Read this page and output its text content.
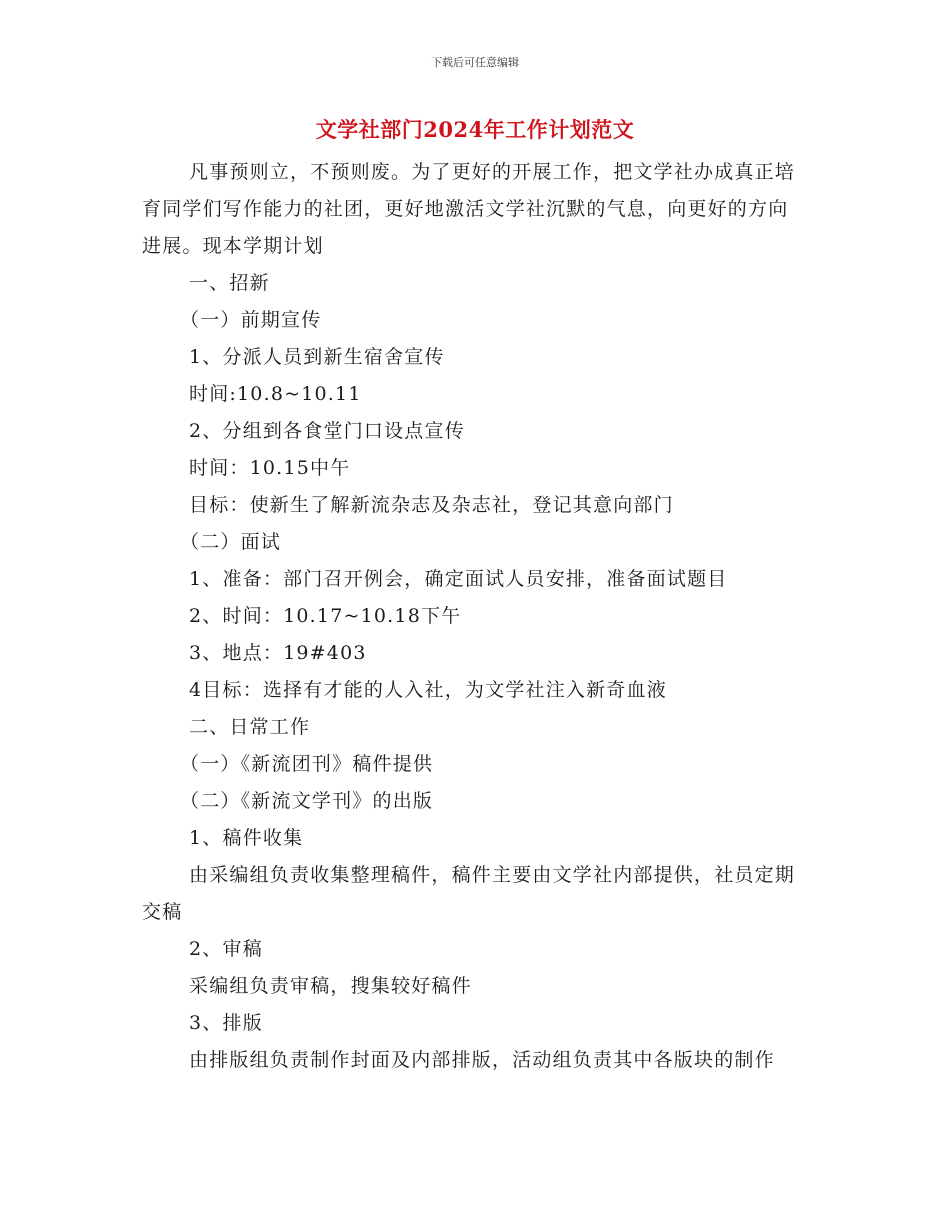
下载后可任意编辑
文学社部门2024年工作计划范文

凡事预则立，不预则废。为了更好的开展工作，把文学社办成真正培育同学们写作能力的社团，更好地激活文学社沉默的气息，向更好的方向进展。现本学期计划

一、招新

（一）前期宣传

1、分派人员到新生宿舍宣传

时间:10.8~10.11

2、分组到各食堂门口设点宣传

时间：10.15中午

目标：使新生了解新流杂志及杂志社，登记其意向部门

（二）面试

1、准备：部门召开例会，确定面试人员安排，准备面试题目

2、时间：10.17~10.18下午

3、地点：19#403

4目标：选择有才能的人入社，为文学社注入新奇血液

二、日常工作

（一）《新流团刊》稿件提供

（二）《新流文学刊》的出版

1、稿件收集

由采编组负责收集整理稿件，稿件主要由文学社内部提供，社员定期交稿

2、审稿

采编组负责审稿，搜集较好稿件

3、排版

由排版组负责制作封面及内部排版，活动组负责其中各版块的制作
